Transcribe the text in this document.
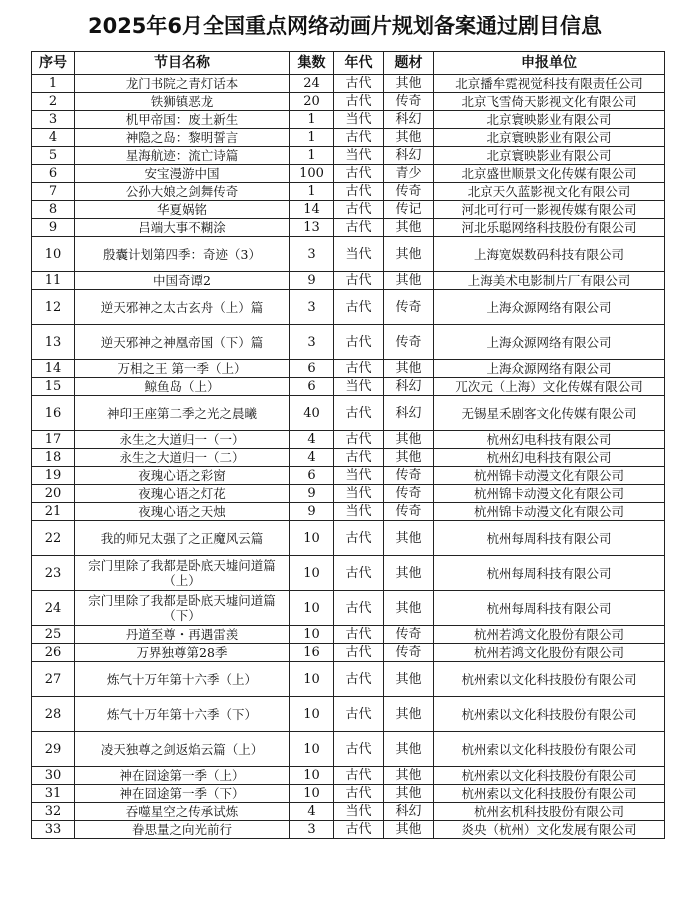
2025年6月全国重点网络动画片规划备案通过剧目信息
序号	节目名称	集数	年代	题材	申报单位
1	龙门书院之青灯话本	24	古代	其他	北京播牟霓视觉科技有限责任公司
2	铁狮镇恶龙	20	古代	传奇	北京飞雪倚天影视文化有限公司
3	机甲帝国：废土新生	1	当代	科幻	北京寰映影业有限公司
4	神隐之岛：黎明誓言	1	古代	其他	北京寰映影业有限公司
5	星海航迹：流亡诗篇	1	当代	科幻	北京寰映影业有限公司
6	安宝漫游中国	100	古代	青少	北京盛世顺景文化传媒有限公司
7	公孙大娘之剑舞传奇	1	古代	传奇	北京天久蓝影视文化有限公司
8	华夏娲铭	14	古代	传记	河北可行可一影视传媒有限公司
9	吕端大事不糊涂	13	古代	其他	河北乐聪网络科技股份有限公司
10	殷囊计划第四季：奇迹（3）	3	当代	其他	上海宽娱数码科技有限公司
11	中国奇谭2	9	古代	其他	上海美术电影制片厂有限公司
12	逆天邪神之太古玄舟（上）篇	3	古代	传奇	上海众源网络有限公司
13	逆天邪神之神凰帝国（下）篇	3	古代	传奇	上海众源网络有限公司
14	万相之王 第一季（上）	6	古代	其他	上海众源网络有限公司
15	鲸鱼岛（上）	6	当代	科幻	兀次元（上海）文化传媒有限公司
16	神印王座第二季之光之晨曦	40	古代	科幻	无锡星禾剧客文化传媒有限公司
17	永生之大道归一（一）	4	古代	其他	杭州幻电科技有限公司
18	永生之大道归一（二）	4	古代	其他	杭州幻电科技有限公司
19	夜瑰心语之彩窗	6	当代	传奇	杭州锦卡动漫文化有限公司
20	夜瑰心语之灯花	9	当代	传奇	杭州锦卡动漫文化有限公司
21	夜瑰心语之天烛	9	当代	传奇	杭州锦卡动漫文化有限公司
22	我的师兄太强了之正魔风云篇	10	古代	其他	杭州每周科技有限公司
23	宗门里除了我都是卧底天墟问道篇（上）	10	古代	其他	杭州每周科技有限公司
24	宗门里除了我都是卧底天墟问道篇（下）	10	古代	其他	杭州每周科技有限公司
25	丹道至尊・再遇雷羡	10	古代	传奇	杭州若鸿文化股份有限公司
26	万界独尊第28季	16	古代	传奇	杭州若鸿文化股份有限公司
27	炼气十万年第十六季（上）	10	古代	其他	杭州索以文化科技股份有限公司
28	炼气十万年第十六季（下）	10	古代	其他	杭州索以文化科技股份有限公司
29	凌天独尊之剑返焰云篇（上）	10	古代	其他	杭州索以文化科技股份有限公司
30	神在囧途第一季（上）	10	古代	其他	杭州索以文化科技股份有限公司
31	神在囧途第一季（下）	10	古代	其他	杭州索以文化科技股份有限公司
32	吞噬星空之传承试炼	4	当代	科幻	杭州玄机科技股份有限公司
33	眷思量之向光前行	3	古代	其他	炎央（杭州）文化发展有限公司
